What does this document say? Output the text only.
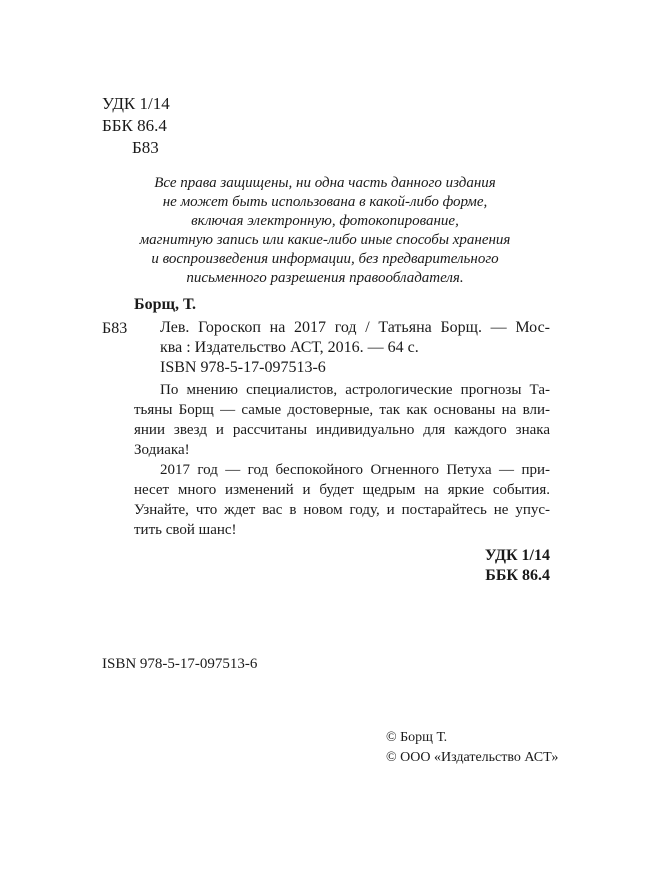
УДК 1/14
ББК 86.4
Б83
Все права защищены, ни одна часть данного издания
не может быть использована в какой-либо форме,
включая электронную, фотокопирование,
магнитную запись или какие-либо иные способы хранения
и воспроизведения информации, без предварительного
письменного разрешения правообладателя.
Борщ, Т.
Б83 Лев. Гороскоп на 2017 год / Татьяна Борщ. — Мос-
ква : Издательство АСТ, 2016. — 64 с.
ISBN 978-5-17-097513-6
По мнению специалистов, астрологические прогнозы Та-
тьяны Борщ — самые достоверные, так как основаны на вли-
янии звезд и рассчитаны индивидуально для каждого знака
Зодиака!
2017 год — год беспокойного Огненного Петуха — при-
несет много изменений и будет щедрым на яркие события.
Узнайте, что ждет вас в новом году, и постарайтесь не упус-
тить свой шанс!
УДК 1/14
ББК 86.4
ISBN 978-5-17-097513-6
© Борщ Т.
© ООО «Издательство АСТ»
